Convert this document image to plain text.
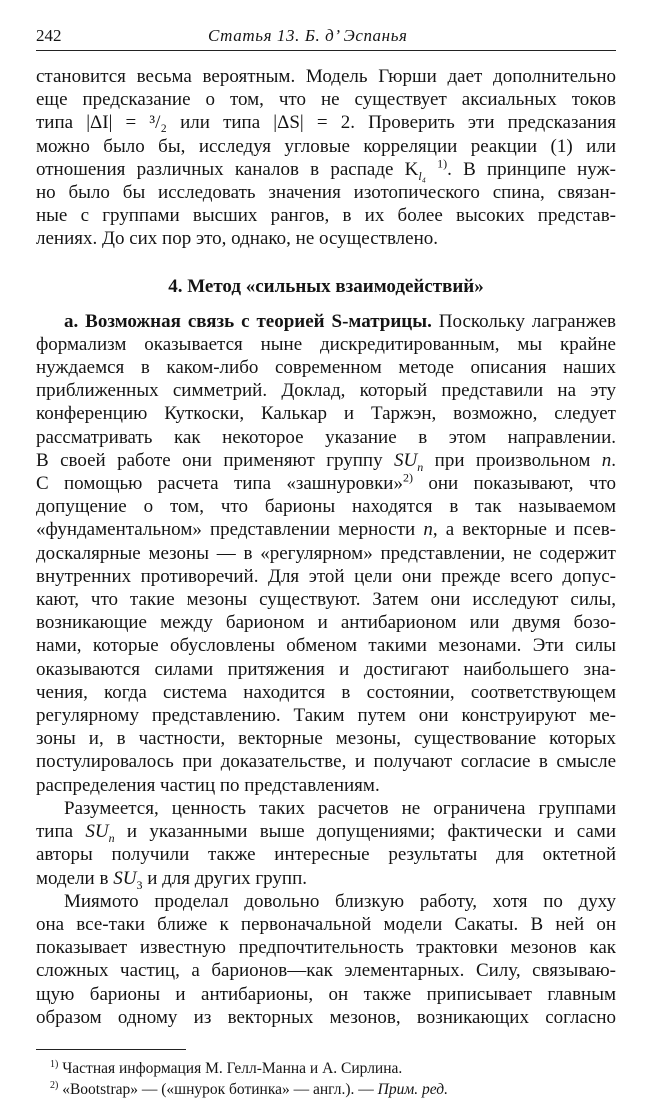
242	Статья 13. Б. д’ Эспанья
становится весьма вероятным. Модель Гюрши дает дополнительно
еще предсказание о том, что не существует аксиальных токов
типа |ΔI| = ³/₂ или типа |ΔS| = 2. Проверить эти предсказания
можно было бы, исследуя угловые корреляции реакции (1) или
отношения различных каналов в распаде $K_{l_4}$ $^{1)}$. В принципе нуж-
но было бы исследовать значения изотопического спина, связан-
ные с группами высших рангов, в их более высоких представ-
лениях. До сих пор это, однако, не осуществлено.
4. Метод «сильных взаимодействий»
а. Возможная связь с теорией S-матрицы. Поскольку лагранжев
формализм оказывается ныне дискредитированным, мы крайне
нуждаемся в каком-либо современном методе описания наших
приближенных симметрий. Доклад, который представили на эту
конференцию Куткоски, Калькар и Таржэн, возможно, следует
рассматривать как некоторое указание в этом направлении.
В своей работе они применяют группу $SU_n$ при произвольном n.
С помощью расчета типа «зашнуровки»$^{2)}$ они показывают, что
допущение о том, что барионы находятся в так называемом
«фундаментальном» представлении мерности n, а векторные и псев-
доскалярные мезоны — в «регулярном» представлении, не содержит
внутренних противоречий. Для этой цели они прежде всего допус-
кают, что такие мезоны существуют. Затем они исследуют силы,
возникающие между барионом и антибарионом или двумя бозо-
нами, которые обусловлены обменом такими мезонами. Эти силы
оказываются силами притяжения и достигают наибольшего зна-
чения, когда система находится в состоянии, соответствующем
регулярному представлению. Таким путем они конструируют ме-
зоны и, в частности, векторные мезоны, существование которых
постулировалось при доказательстве, и получают согласие в смысле
распределения частиц по представлениям.
Разумеется, ценность таких расчетов не ограничена группами
типа $SU_n$ и указанными выше допущениями; фактически и сами
авторы получили также интересные результаты для октетной
модели в $SU_3$ и для других групп.
Миямото проделал довольно близкую работу, хотя по духу
она все-таки ближе к первоначальной модели Сакаты. В ней он
показывает известную предпочтительность трактовки мезонов как
сложных частиц, а барионов—как элементарных. Силу, связываю-
щую барионы и антибарионы, он также приписывает главным
образом одному из векторных мезонов, возникающих согласно
$^{1)}$ Частная информация М. Гелл-Манна и А. Сирлина.
$^{2)}$ «Bootstrap» — («шнурок ботинка» — англ.). — Прим. ред.
